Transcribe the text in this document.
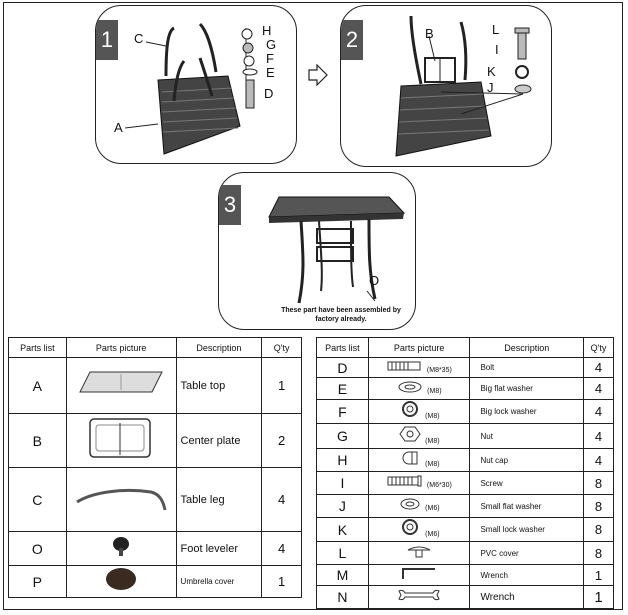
1	C
A
H
G
F
E
D
2	B	L
I
K
J
3
O
These part have been assembled by factory already.
Parts list	Parts picture	Description	Q'ty
A		Table top	1
B		Center plate	2
C		Table leg	4
O		Foot leveler	4
P		Umbrella cover	1
Parts list	Parts picture	Description	Q'ty
D	(M8*35)	Bolt	4
E	(M8)	Big flat washer	4
F	(M8)	Big lock washer	4
G	(M8)	Nut	4
H	(M8)	Nut cap	4
I	(M6*30)	Screw	8
J	(M6)	Small flat washer	8
K	(M6)	Small lock washer	8
L		PVC cover	8
M		Wrench	1
N		Wrench	1
